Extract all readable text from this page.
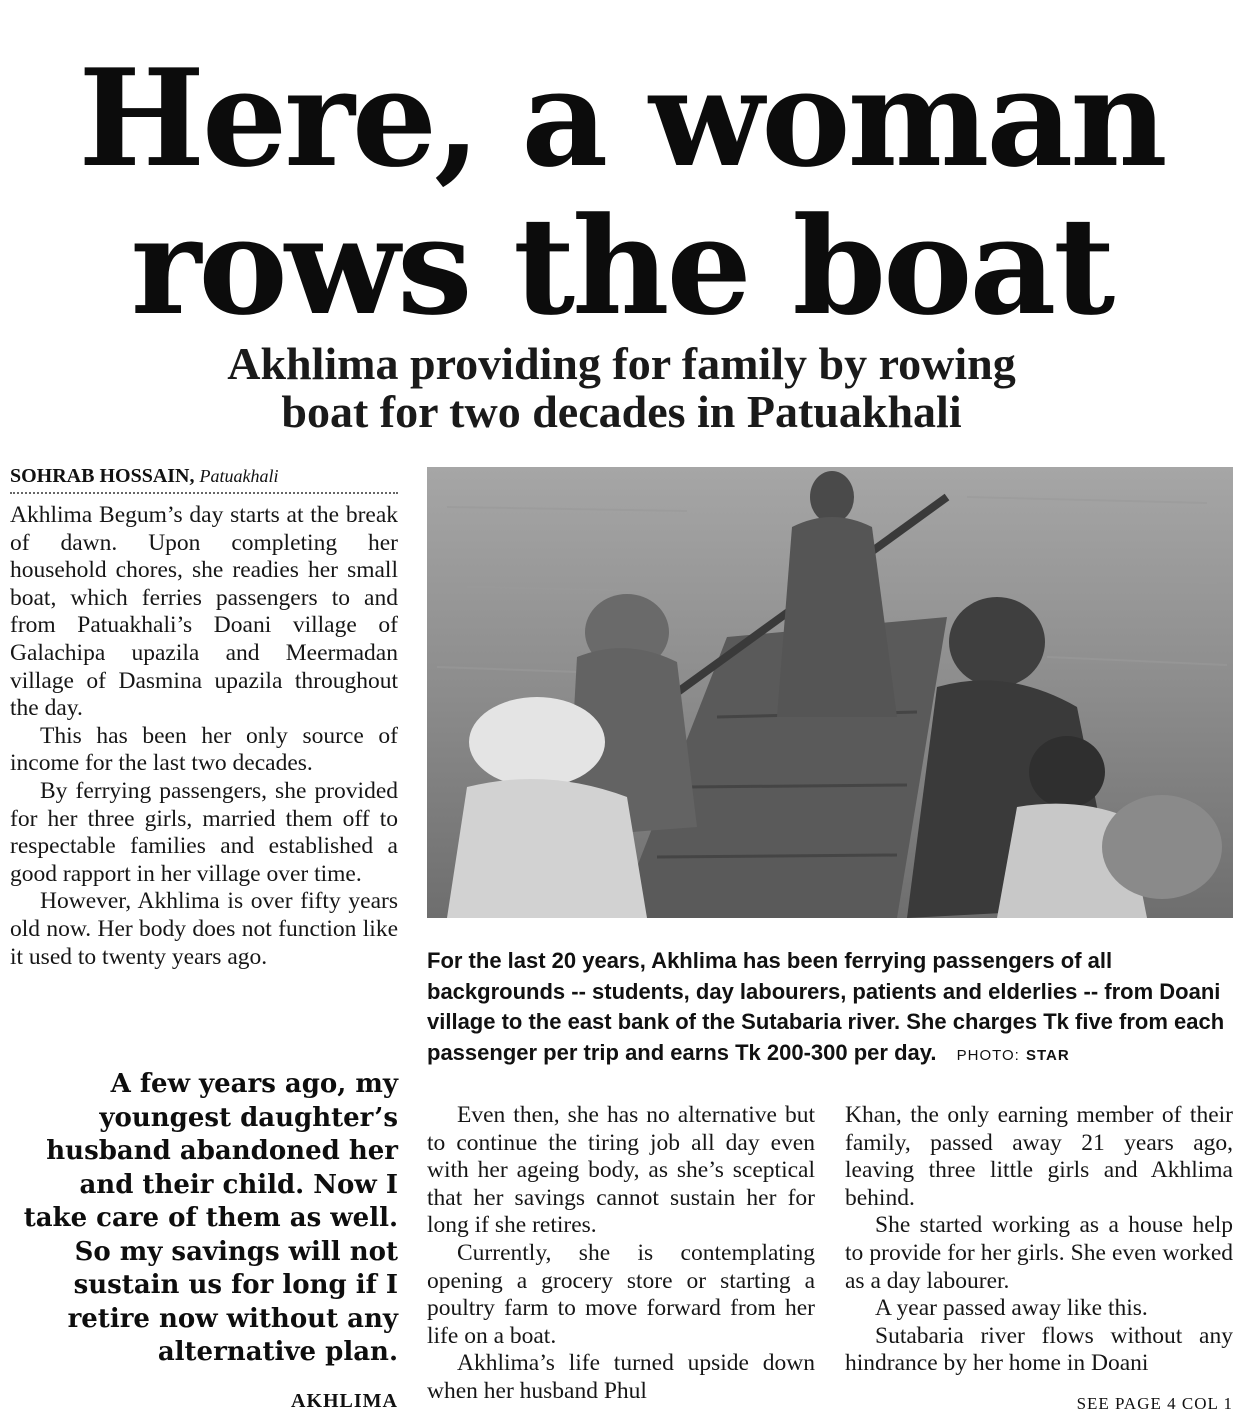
Here, a woman
rows the boat
Akhlima providing for family by rowing
boat for two decades in Patuakhali
SOHRAB HOSSAIN, Patuakhali

Akhlima Begum’s day starts at the break of dawn. Upon completing her household chores, she readies her small boat, which ferries passengers to and from Patuakhali’s Doani village of Galachipa upazila and Meermadan village of Dasmina upazila throughout the day.

This has been her only source of income for the last two decades.

By ferrying passengers, she provided for her three girls, married them off to respectable families and established a good rapport in her village over time.

However, Akhlima is over fifty years old now. Her body does not function like it used to twenty years ago.

A few years ago, my
youngest daughter’s
husband abandoned her
and their child. Now I
take care of them as well.
So my savings will not
sustain us for long if I
retire now without any
alternative plan.
AKHLIMA
For the last 20 years, Akhlima has been ferrying passengers of all backgrounds -- students, day labourers, patients and elderlies -- from Doani village to the east bank of the Sutabaria river. She charges Tk five from each passenger per trip and earns Tk 200-300 per day. PHOTO: STAR

Even then, she has no alternative but to continue the tiring job all day even with her ageing body, as she’s sceptical that her savings cannot sustain her for long if she retires.

Currently, she is contemplating opening a grocery store or starting a poultry farm to move forward from her life on a boat.

Akhlima’s life turned upside down when her husband Phul

Khan, the only earning member of their family, passed away 21 years ago, leaving three little girls and Akhlima behind.

She started working as a house help to provide for her girls. She even worked as a day labourer.

A year passed away like this.

Sutabaria river flows without any hindrance by her home in Doani

SEE PAGE 4 COL 1
